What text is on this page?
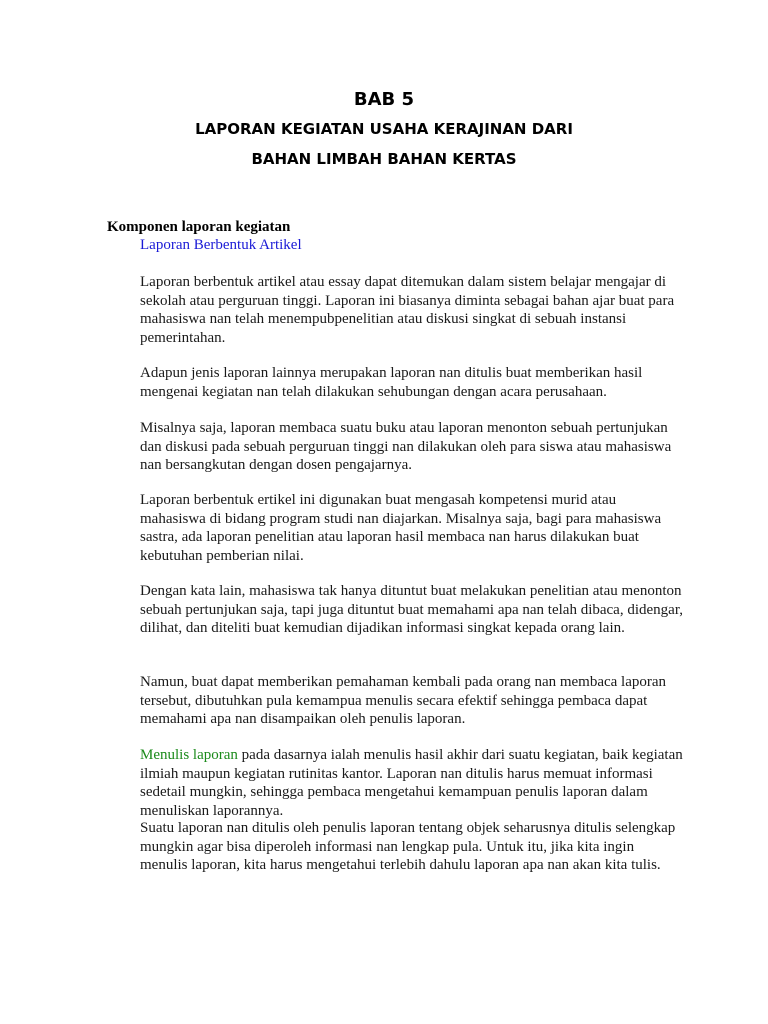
BAB 5
LAPORAN KEGIATAN USAHA KERAJINAN DARI
BAHAN LIMBAH BAHAN KERTAS

Komponen laporan kegiatan

Laporan Berbentuk Artikel

Laporan berbentuk artikel atau essay dapat ditemukan dalam sistem belajar mengajar di sekolah atau perguruan tinggi. Laporan ini biasanya diminta sebagai bahan ajar buat para mahasiswa nan telah menempubpenelitian atau diskusi singkat di sebuah instansi pemerintahan.

Adapun jenis laporan lainnya merupakan laporan nan ditulis buat memberikan hasil mengenai kegiatan nan telah dilakukan sehubungan dengan acara perusahaan.

Misalnya saja, laporan membaca suatu buku atau laporan menonton sebuah pertunjukan dan diskusi pada sebuah perguruan tinggi nan dilakukan oleh para siswa atau mahasiswa nan bersangkutan dengan dosen pengajarnya.

Laporan berbentuk ertikel ini digunakan buat mengasah kompetensi murid atau mahasiswa di bidang program studi nan diajarkan. Misalnya saja, bagi para mahasiswa sastra, ada laporan penelitian atau laporan hasil membaca nan harus dilakukan buat kebutuhan pemberian nilai.

Dengan kata lain, mahasiswa tak hanya dituntut buat melakukan penelitian atau menonton sebuah pertunjukan saja, tapi juga dituntut buat memahami apa nan telah dibaca, didengar, dilihat, dan diteliti buat kemudian dijadikan informasi singkat kepada orang lain.

Namun, buat dapat memberikan pemahaman kembali pada orang nan membaca laporan tersebut, dibutuhkan pula kemampua menulis secara efektif sehingga pembaca dapat memahami apa nan disampaikan oleh penulis laporan.

Menulis laporan pada dasarnya ialah menulis hasil akhir dari suatu kegiatan, baik kegiatan ilmiah maupun kegiatan rutinitas kantor. Laporan nan ditulis harus memuat informasi sedetail mungkin, sehingga pembaca mengetahui kemampuan penulis laporan dalam menuliskan laporannya.

Suatu laporan nan ditulis oleh penulis laporan tentang objek seharusnya ditulis selengkap mungkin agar bisa diperoleh informasi nan lengkap pula. Untuk itu, jika kita ingin menulis laporan, kita harus mengetahui terlebih dahulu laporan apa nan akan kita tulis.
